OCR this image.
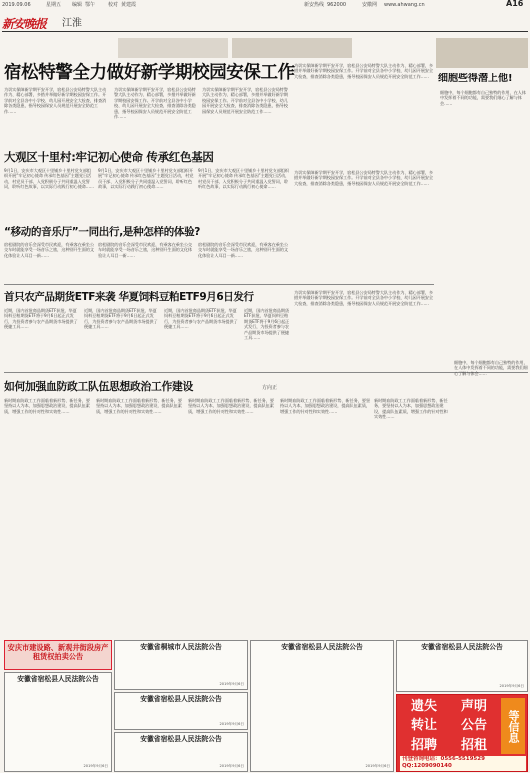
2019.09.06	星期五 编辑 鄂午	校对 黄建霞	新安热线 962000	安徽网 www.ahwang.cn	A16
新安晚报	江淮
宿松特警全力做好新学期校园安保工作
为切实保障新学期平安开学，宿松县公安局特警大队主动作为、精心部署，多措并举做好新学期校园安保工作。开学前对全县各中小学校、幼儿园开展安全大检查，排查消除各类隐患，指导校园保安人员规范开展安全防范工作……
为切实保障新学期平安开学，宿松县公安局特警大队主动作为、精心部署，多措并举做好新学期校园安保工作。开学前对全县各中小学校、幼儿园开展安全大检查，排查消除各类隐患，指导校园保安人员规范开展安全防范工作……
为切实保障新学期平安开学，宿松县公安局特警大队主动作为、精心部署，多措并举做好新学期校园安保工作。开学前对全县各中小学校、幼儿园开展安全大检查，排查消除各类隐患，指导校园保安人员规范开展安全防范工作……
为切实保障新学期平安开学，宿松县公安局特警大队主动作为、精心部署，多措并举做好新学期校园安保工作。开学前对全县各中小学校、幼儿园开展安全大检查，排查消除各类隐患，指导校园保安人员规范开展安全防范工作…… 细胞些得潜上他!
细胞中，每个细胞都有自己独特的作用，在人体中发挥着不同的功能，需要我们细心了解与体会……
大观区十里村:牢记初心使命 传承红色基因
9月1日，安庆市大观区十里铺乡十里村党支部组织开展“牢记初心使命 传承红色基因”主题党日活动，村党员干部、入党积极分子共同重温入党誓词，聆听红色故事，以实际行动践行初心使命……
9月1日，安庆市大观区十里铺乡十里村党支部组织开展“牢记初心使命 传承红色基因”主题党日活动，村党员干部、入党积极分子共同重温入党誓词，聆听红色故事，以实际行动践行初心使命……
9月1日，安庆市大观区十里铺乡十里村党支部组织开展“牢记初心使命 传承红色基因”主题党日活动，村党员干部、入党积极分子共同重温入党誓词，聆听红色故事，以实际行动践行初心使命……
为切实保障新学期平安开学，宿松县公安局特警大队主动作为、精心部署，多措并举做好新学期校园安保工作。开学前对全县各中小学校、幼儿园开展安全大检查，排查消除各类隐患，指导校园保安人员规范开展安全防范工作……
“移动的音乐厅”一同出行,是种怎样的体验?
宿松剧院的音乐会深受市民欢迎，有乘客在乘坐公交车时就能享受一场音乐之旅，这种别开生面的文化体验让人耳目一新……
宿松剧院的音乐会深受市民欢迎，有乘客在乘坐公交车时就能享受一场音乐之旅，这种别开生面的文化体验让人耳目一新……
宿松剧院的音乐会深受市民欢迎，有乘客在乘坐公交车时就能享受一场音乐之旅，这种别开生面的文化体验让人耳目一新……
首只农产品期货ETF来袭 华夏饲料豆粕ETF9月6日发行
近期，国内首批商品期货ETF获批，华夏饲料豆粕期货ETF将于9月6日起正式发行，为投资者参与农产品期货市场提供了便捷工具……
近期，国内首批商品期货ETF获批，华夏饲料豆粕期货ETF将于9月6日起正式发行，为投资者参与农产品期货市场提供了便捷工具……
近期，国内首批商品期货ETF获批，华夏饲料豆粕期货ETF将于9月6日起正式发行，为投资者参与农产品期货市场提供了便捷工具……
近期，国内首批商品期货ETF获批，华夏饲料豆粕期货ETF将于9月6日起正式发行，为投资者参与农产品期货市场提供了便捷工具……
为切实保障新学期平安开学，宿松县公安局特警大队主动作为、精心部署，多措并举做好新学期校园安保工作。开学前对全县各中小学校、幼儿园开展安全大检查，排查消除各类隐患，指导校园保安人员规范开展安全防范工作……
如何加强血防政工队伍思想政治工作建设	方向正
新时期血防政工工作面临着新形势、新任务，要坚持以人为本，加强思想政治建设，提高队伍素质，增强工作的针对性和实效性……
新时期血防政工工作面临着新形势、新任务，要坚持以人为本，加强思想政治建设，提高队伍素质，增强工作的针对性和实效性……
新时期血防政工工作面临着新形势、新任务，要坚持以人为本，加强思想政治建设，提高队伍素质，增强工作的针对性和实效性……
新时期血防政工工作面临着新形势、新任务，要坚持以人为本，加强思想政治建设，提高队伍素质，增强工作的针对性和实效性……
新时期血防政工工作面临着新形势、新任务，要坚持以人为本，加强思想政治建设，提高队伍素质，增强工作的针对性和实效性……
细胞中，每个细胞都有自己独特的作用，在人体中发挥着不同的功能，需要我们细心了解与体会……
安庆市建设路、新观井街段房产租赁权拍卖公告
安徽省桐城市人民法院公告
2019年9月6日
安徽省宿松县人民法院公告
2019年9月6日
安徽省宿松县人民法院公告
2019年9月6日
安徽省宿松县人民法院公告
2019年9月6日
安徽省宿松县人民法院公告
2019年9月6日
安徽省宿松县人民法院公告
2019年9月6日
遗失	声明
转让	公告
招聘	招租
等信息
刊登咨询电话：0556-5519529
QQ:1209090140
